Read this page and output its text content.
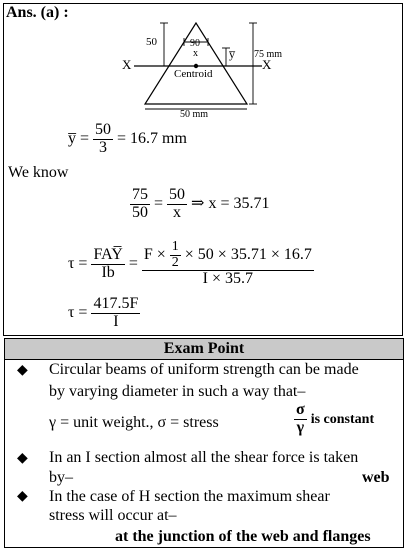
Ans. (a) :
50	90
x	y̅ 75 mm
X	X
Centroid
50 mm
y̅ = $\frac{50}{3} = 16.7$ mm
We know
$\frac{75}{50} = \frac{50}{x}$ ⇒ x = 35.71
$\tau = \frac{\text{FAY̅}}{Ib}$ =
$F \times \frac{1}{2} \times 50 \times 35.71 \times 16.7$
I × 35.7
$\tau = \frac{417.5F}{I}$
Exam Point
◆ Circular beams of uniform strength can be made
by varying diameter in such a way that–
γ = unit weight., σ = stress	$\frac{\sigma}{\gamma}$ is constant
◆ In an I section almost all the shear force is taken
by–	web
◆ In the case of H section the maximum shear
stress will occur at–
at the junction of the web and flanges
